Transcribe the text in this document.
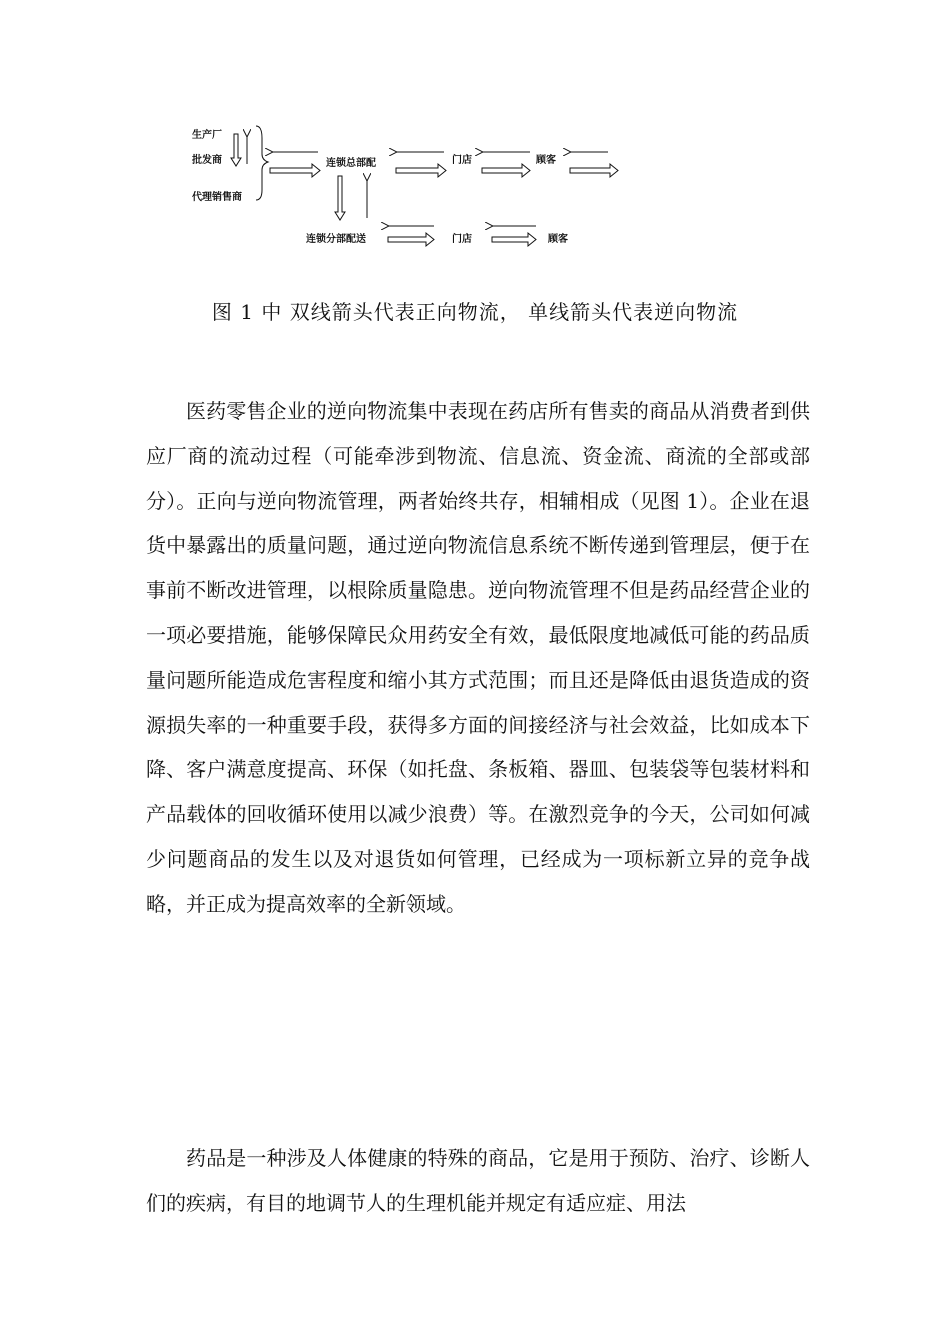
生产厂
批发商
代理销售商
连锁总部配	门店	顾客
连锁分部配送	门店	顾客
图 1 中 双线箭头代表正向物流， 单线箭头代表逆向物流

医药零售企业的逆向物流集中表现在药店所有售卖的商品从消费者到供应厂商的流动过程（可能牵涉到物流、信息流、资金流、商流的全部或部分）。正向与逆向物流管理，两者始终共存，相辅相成（见图 1）。企业在退货中暴露出的质量问题，通过逆向物流信息系统不断传递到管理层，便于在事前不断改进管理，以根除质量隐患。逆向物流管理不但是药品经营企业的一项必要措施，能够保障民众用药安全有效，最低限度地减低可能的药品质量问题所能造成危害程度和缩小其方式范围；而且还是降低由退货造成的资源损失率的一种重要手段，获得多方面的间接经济与社会效益，比如成本下降、客户满意度提高、环保（如托盘、条板箱、器皿、包装袋等包装材料和产品载体的回收循环使用以减少浪费）等。在激烈竞争的今天，公司如何减少问题商品的发生以及对退货如何管理，已经成为一项标新立异的竞争战略，并正成为提高效率的全新领域。

药品是一种涉及人体健康的特殊的商品，它是用于预防、治疗、诊断人们的疾病，有目的地调节人的生理机能并规定有适应症、用法
